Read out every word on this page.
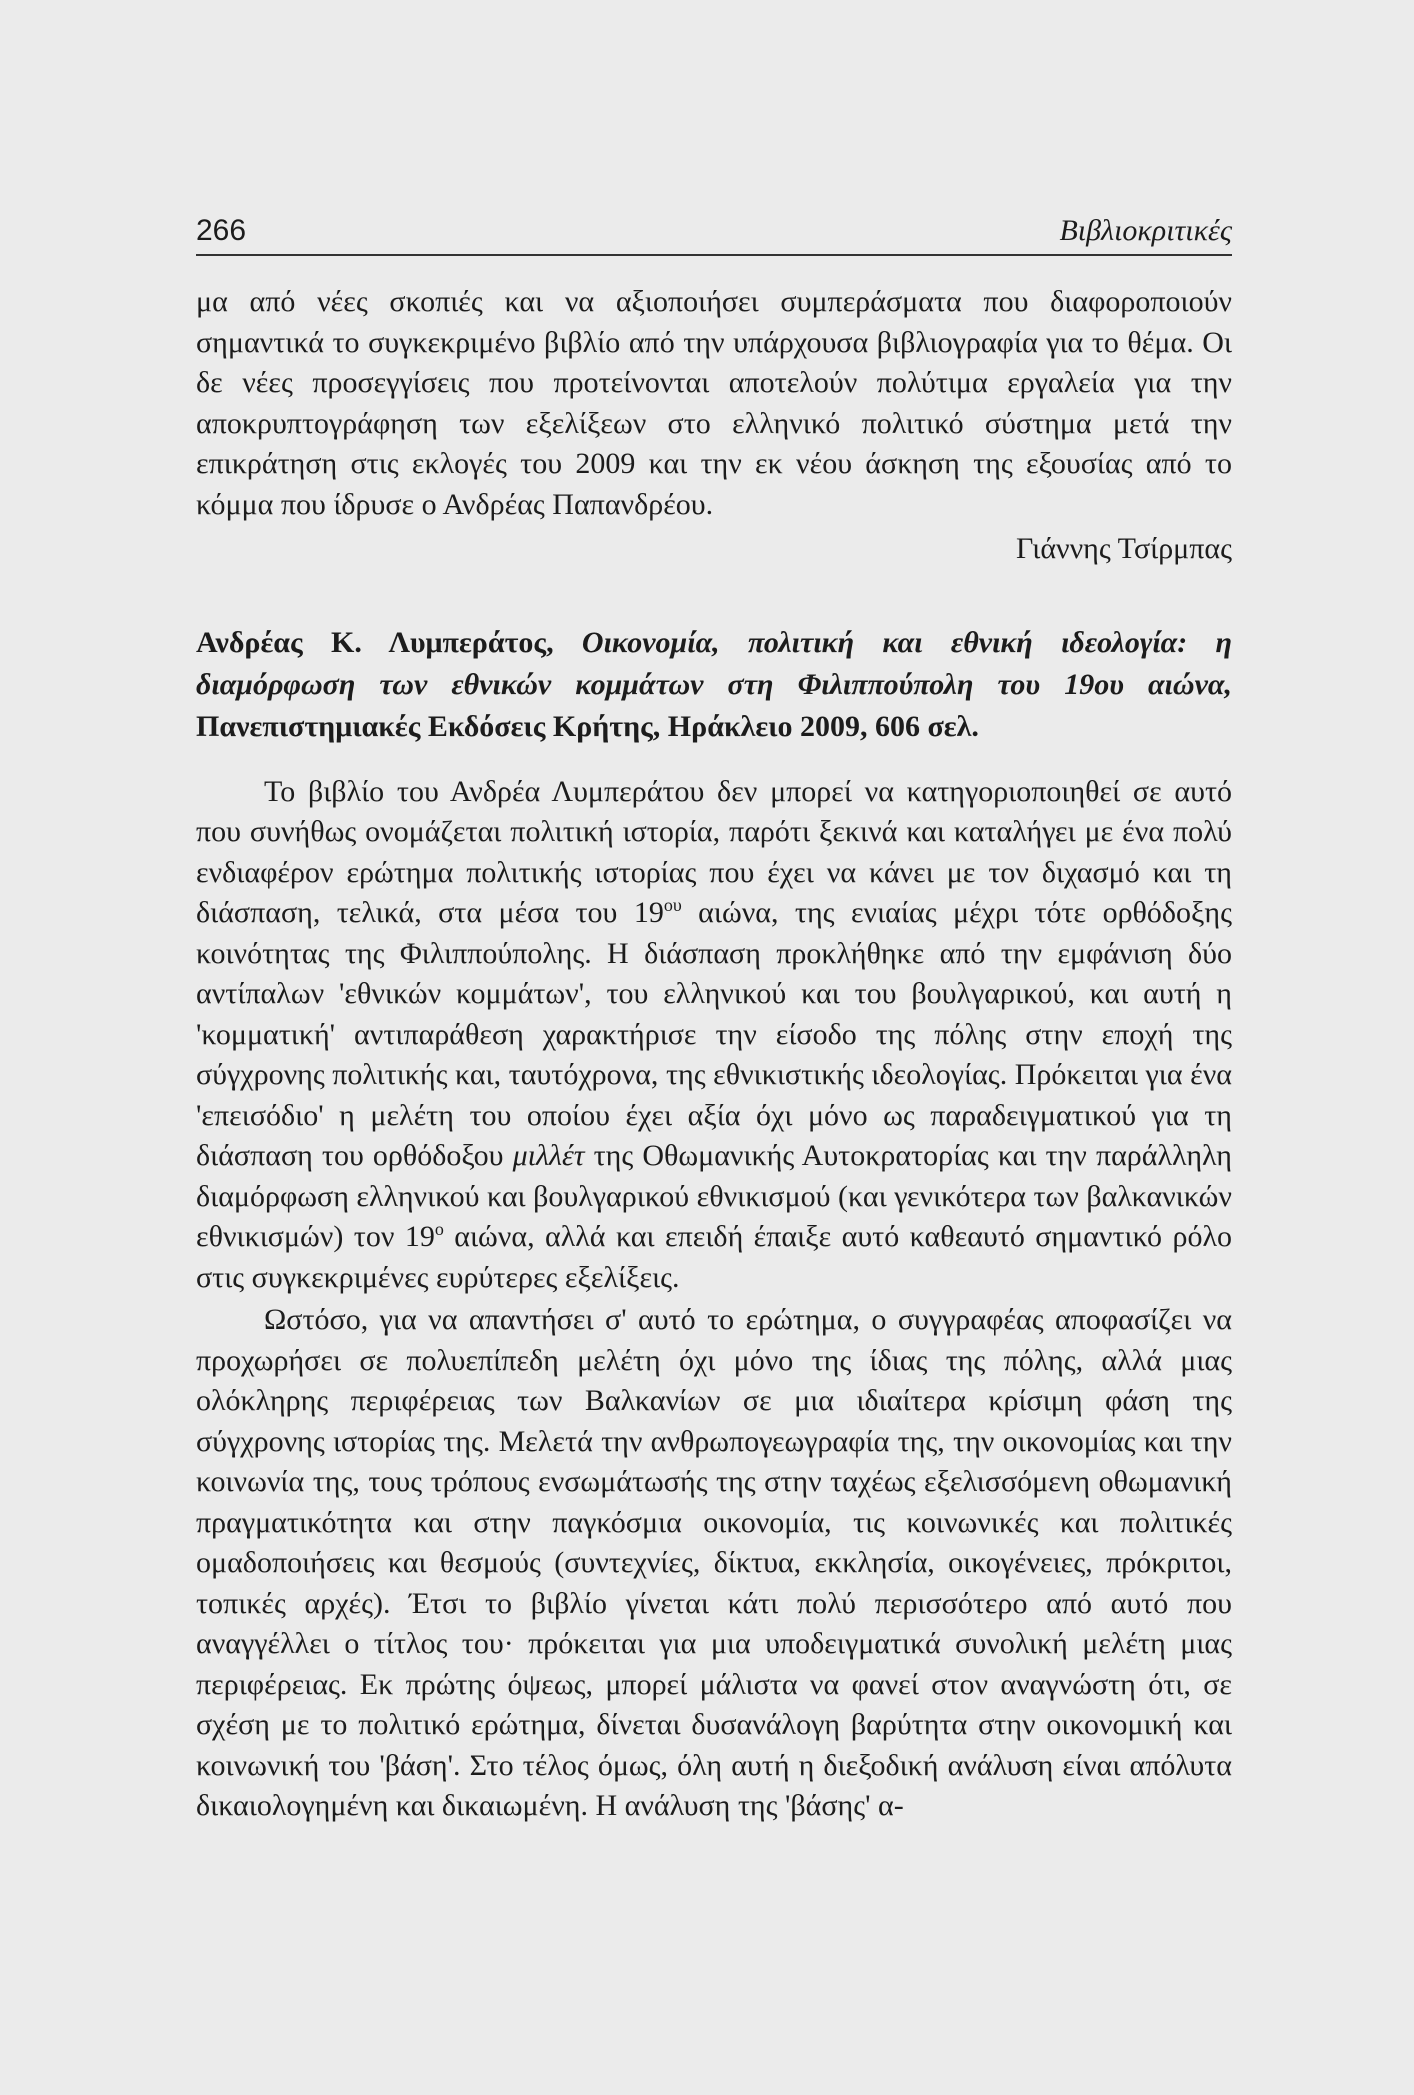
266	Βιβλιοκριτικές

μα από νέες σκοπιές και να αξιοποιήσει συμπεράσματα που διαφοροποιούν σημαντικά το συγκεκριμένο βιβλίο από την υπάρχουσα βιβλιογραφία για το θέμα. Οι δε νέες προσεγγίσεις που προτείνονται αποτελούν πολύτιμα εργαλεία για την αποκρυπτογράφηση των εξελίξεων στο ελληνικό πολιτικό σύστημα μετά την επικράτηση στις εκλογές του 2009 και την εκ νέου άσκηση της εξουσίας από το κόμμα που ίδρυσε ο Ανδρέας Παπανδρέου.

Γιάννης Τσίρμπας

Ανδρέας Κ. Λυμπεράτος, Οικονομία, πολιτική και εθνική ιδεολογία: η διαμόρφωση των εθνικών κομμάτων στη Φιλιππούπολη του 19ου αιώνα, Πανεπιστημιακές Εκδόσεις Κρήτης, Ηράκλειο 2009, 606 σελ.

Το βιβλίο του Ανδρέα Λυμπεράτου δεν μπορεί να κατηγοριοποιηθεί σε αυτό που συνήθως ονομάζεται πολιτική ιστορία, παρότι ξεκινά και καταλήγει με ένα πολύ ενδιαφέρον ερώτημα πολιτικής ιστορίας που έχει να κάνει με τον διχασμό και τη διάσπαση, τελικά, στα μέσα του $19^{o\upsilon}$ αιώνα, της ενιαίας μέχρι τότε ορθόδοξης κοινότητας της Φιλιππούπολης. Η διάσπαση προκλήθηκε από την εμφάνιση δύο αντίπαλων 'εθνικών κομμάτων', του ελληνικού και του βουλγαρικού, και αυτή η 'κομματική' αντιπαράθεση χαρακτήρισε την είσοδο της πόλης στην εποχή της σύγχρονης πολιτικής και, ταυτόχρονα, της εθνικιστικής ιδεολογίας. Πρόκειται για ένα 'επεισόδιο' η μελέτη του οποίου έχει αξία όχι μόνο ως παραδειγματικού για τη διάσπαση του ορθόδοξου μιλλέτ της Οθωμανικής Αυτοκρατορίας και την παράλληλη διαμόρφωση ελληνικού και βουλγαρικού εθνικισμού (και γενικότερα των βαλκανικών εθνικισμών) τον $19^o$ αιώνα, αλλά και επειδή έπαιξε αυτό καθεαυτό σημαντικό ρόλο στις συγκεκριμένες ευρύτερες εξελίξεις.

Ωστόσο, για να απαντήσει σ' αυτό το ερώτημα, ο συγγραφέας αποφασίζει να προχωρήσει σε πολυεπίπεδη μελέτη όχι μόνο της ίδιας της πόλης, αλλά μιας ολόκληρης περιφέρειας των Βαλκανίων σε μια ιδιαίτερα κρίσιμη φάση της σύγχρονης ιστορίας της. Μελετά την ανθρωπογεωγραφία της, την οικονομίας και την κοινωνία της, τους τρόπους ενσωμάτωσής της στην ταχέως εξελισσόμενη οθωμανική πραγματικότητα και στην παγκόσμια οικονομία, τις κοινωνικές και πολιτικές ομαδοποιήσεις και θεσμούς (συντεχνίες, δίκτυα, εκκλησία, οικογένειες, πρόκριτοι, τοπικές αρχές). Έτσι το βιβλίο γίνεται κάτι πολύ περισσότερο από αυτό που αναγγέλλει ο τίτλος του· πρόκειται για μια υποδειγματικά συνολική μελέτη μιας περιφέρειας. Εκ πρώτης όψεως, μπορεί μάλιστα να φανεί στον αναγνώστη ότι, σε σχέση με το πολιτικό ερώτημα, δίνεται δυσανάλογη βαρύτητα στην οικονομική και κοινωνική του 'βάση'. Στο τέλος όμως, όλη αυτή η διεξοδική ανάλυση είναι απόλυτα δικαιολογημένη και δικαιωμένη. Η ανάλυση της 'βάσης' α-
